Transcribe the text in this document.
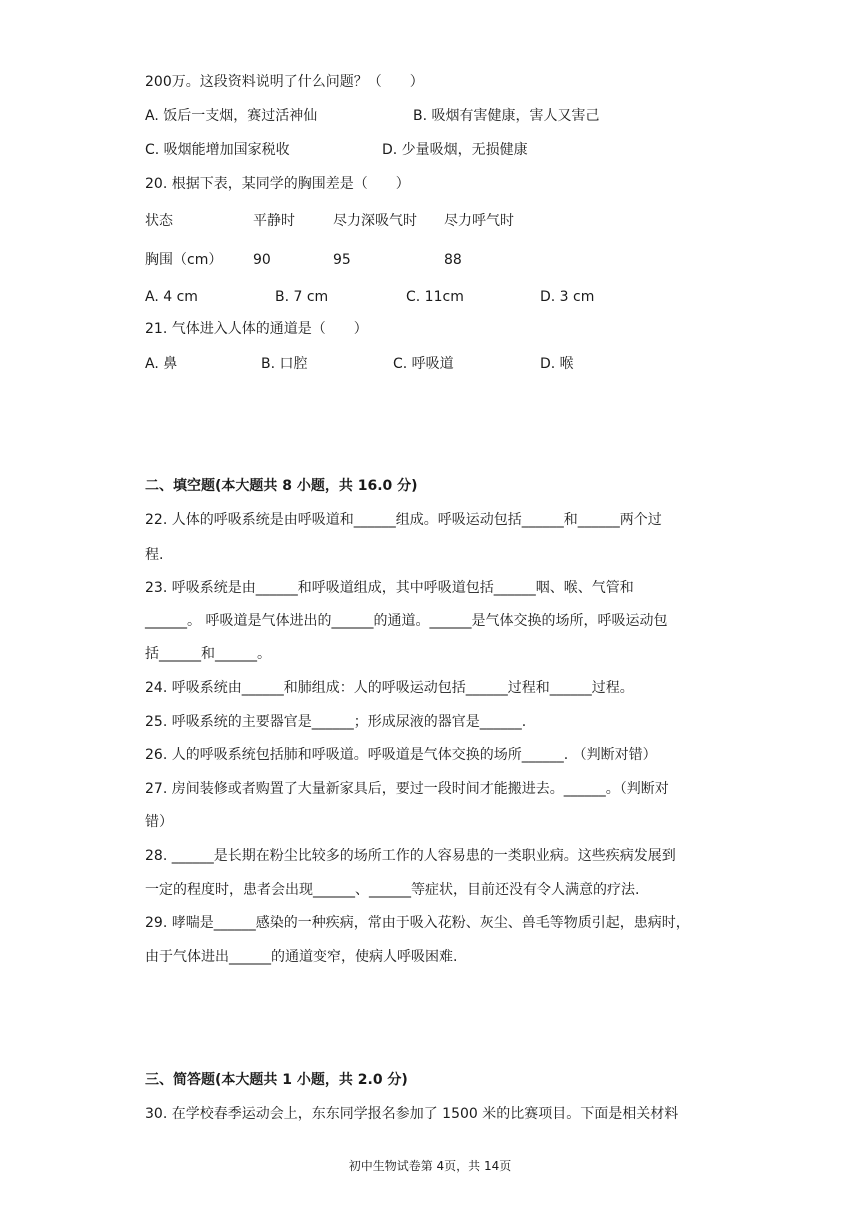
200万。这段资料说明了什么问题？（　　）

A. 饭后一支烟，赛过活神仙	B. 吸烟有害健康，害人又害己
C. 吸烟能增加国家税收	D. 少量吸烟，无损健康

20. 根据下表，某同学的胸围差是（　　）

状态	平静时	尽力深吸气时 尽力呼气时
胸围（cm） 90	95	88
A. 4 cm	B. 7 cm	C. 11cm	D. 3 cm

21. 气体进入人体的通道是（　　）

A. 鼻	B. 口腔	C. 呼吸道	D. 喉

二、填空题(本大题共 8 小题，共 16.0 分)

22. 人体的呼吸系统是由呼吸道和______组成。呼吸运动包括______和______两个过

程.

23. 呼吸系统是由______和呼吸道组成，其中呼吸道包括______咽、喉、气管和

______。 呼吸道是气体进出的______的通道。______是气体交换的场所，呼吸运动包

括______和______。

24. 呼吸系统由______和肺组成：人的呼吸运动包括______过程和______过程。

25. 呼吸系统的主要器官是______；形成尿液的器官是______.

26. 人的呼吸系统包括肺和呼吸道。呼吸道是气体交换的场所______. （判断对错）

27. 房间装修或者购置了大量新家具后，要过一段时间才能搬进去。______。（判断对

错）

28. ______是长期在粉尘比较多的场所工作的人容易患的一类职业病。这些疾病发展到

一定的程度时，患者会出现______、______等症状，目前还没有令人满意的疗法.

29. 哮喘是______感染的一种疾病，常由于吸入花粉、灰尘、兽毛等物质引起，患病时，

由于气体进出______的通道变窄，使病人呼吸困难.

三、简答题(本大题共 1 小题，共 2.0 分)

30. 在学校春季运动会上，东东同学报名参加了 1500 米的比赛项目。下面是相关材料

初中生物试卷第 4页，共 14页
